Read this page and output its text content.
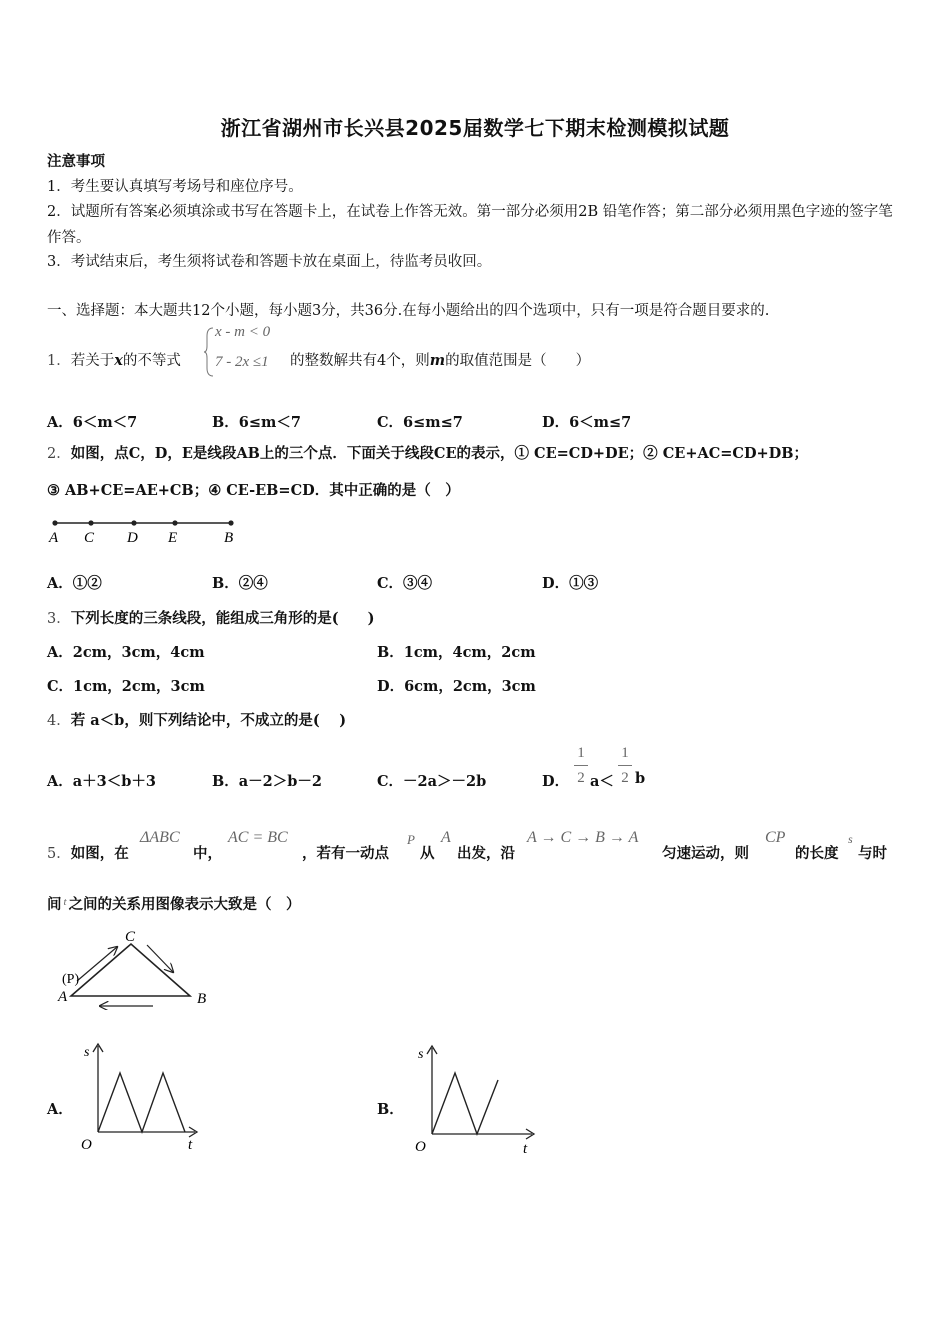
浙江省湖州市长兴县2025届数学七下期末检测模拟试题
注意事项
1．考生要认真填写考场号和座位序号。
2．试题所有答案必须填涂或书写在答题卡上，在试卷上作答无效。第一部分必须用2B 铅笔作答；第二部分必须用黑色字迹的签字笔作答。
3．考试结束后，考生须将试卷和答题卡放在桌面上，待监考员收回。
一、选择题：本大题共12个小题，每小题3分，共36分.在每小题给出的四个选项中，只有一项是符合题目要求的.
1．若关于x的不等式
x - m < 0
7 - 2x ≤1 的整数解共有4个，则m的取值范围是（　　）
A．6＜m＜7	B．6≤m＜7	C．6≤m≤7	D．6＜m≤7
2．如图，点C，D，E是线段AB上的三个点．下面关于线段CE的表示，① CE=CD+DE；② CE+AC=CD+DB；
③ AB+CE=AE+CB；④ CE-EB=CD．其中正确的是（　）
A C D E	B
A．①②	B．②④	C．③④	D．①③
3．下列长度的三条线段，能组成三角形的是(　　)
A．2cm，3cm，4cm	B．1cm，4cm，2cm
C．1cm，2cm，3cm	D．6cm，2cm，3cm
4．若 a＜b，则下列结论中，不成立的是(　 )
A．a＋3＜b＋3	B．a－2＞b－2	C．－2a＞－2b	D．
1
2 a＜
1
2 b
5．如图，在
ΔABC
中，
AC = BC
，若有一动点
P
从
A
出发，沿
A → C → B → A
匀速运动，则
CP
的长度
s
与时
间 $^t$ 之间的关系用图像表示大致是（　）
C
A	B
(P)
A．
s
O	t
B．
s
O	t
